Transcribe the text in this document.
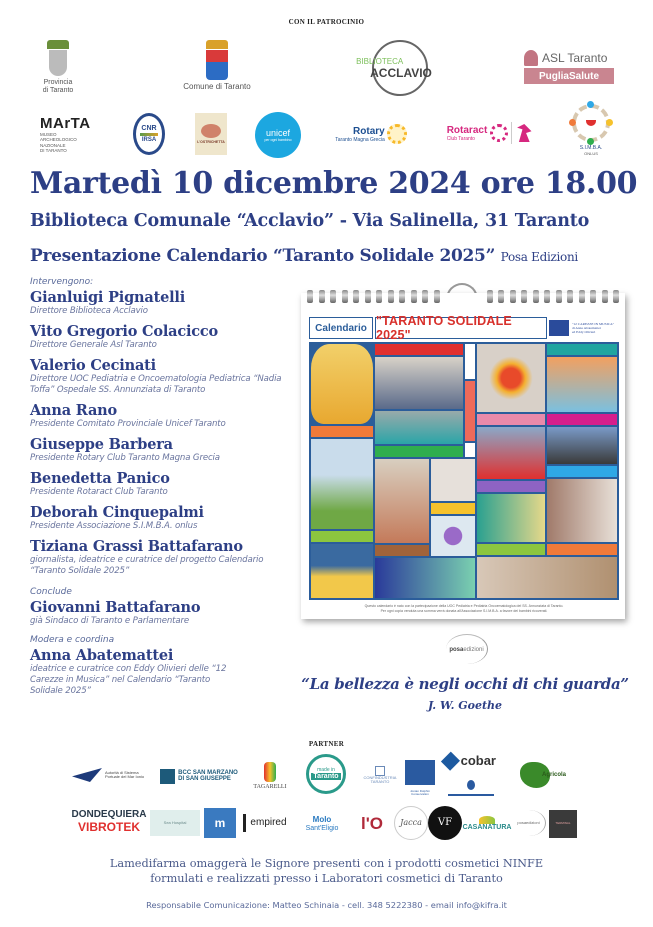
CON IL PATROCINIO
Provincia
di Taranto	Comune di Taranto
BIBLIOTECA
ACCLAVIO
ASL Taranto
PugliaSalute
MArTA
MUSEO
ARCHEOLOGICO
NAZIONALE
DI TARANTO
CNR
IRSA	L'OSTRICHETTA
unicef
per ogni bambino
Rotary
Taranto Magna Grecia
Rotaract
Club Taranto
S.I.M.B.A.
ONLUS
Martedì 10 dicembre 2024 ore 18.00
Biblioteca Comunale “Acclavio” - Via Salinella, 31 Taranto
Presentazione Calendario “Taranto Solidale 2025” Posa Edizioni
Intervengono:
Gianluigi Pignatelli
Direttore Biblioteca Acclavio
Vito Gregorio Colacicco
Direttore Generale Asl Taranto
Valerio Cecinati
Direttore UOC Pediatria e Oncoematologia Pediatrica “Nadia Toffa” Ospedale SS. Annunziata di Taranto
Anna Rano
Presidente Comitato Provinciale Unicef Taranto
Giuseppe Barbera
Presidente Rotary Club Taranto Magna Grecia
Benedetta Panico
Presidente Rotaract Club Taranto
Deborah Cinquepalmi
Presidente Associazione S.I.M.B.A. onlus
Tiziana Grassi Battafarano
giornalista, ideatrice e curatrice del progetto Calendario “Taranto Solidale 2025”
Conclude
Giovanni Battafarano
già Sindaco di Taranto e Parlamentare
Modera e coordina
Anna Abatemattei
ideatrice e curatrice con Eddy Olivieri delle “12 Carezze in Musica” nel Calendario “Taranto Solidale 2025”
Calendario "TARANTO SOLIDALE 2025"
"12 CAREZZE IN MUSICA"
di Anna Abatemattei
ed Eddy Olivieri
Questo calendario è nato con la partecipazione della UOC Pediatria e Pediatria Oncoematologica del SS. Annunziata di Taranto.
Per ogni copia venduta una somma verrà donata all'Associazione S.I.M.B.A. a favore dei bambini ricoverati.
posa edizioni
“La bellezza è negli occhi di chi guarda”
J. W. Goethe
PARTNER
Autorità di Sistema Portuale del Mar Ionio
BCC SAN MARZANO
DI SAN GIUSEPPE
TAGARELLI
made in
Taranto	CONFINDUSTRIA
TARANTO
Jonian Dolphin Conservation
cobar
Agricola
DONDEQUIERA
VIBROTEK	Sea Hospital m	empired	Molo
Sant'Eligio l'O Jacca VF
CASANATURA
posaedizioni	TERMINAL
Lamedifarma omaggerà le Signore presenti con i prodotti cosmetici NINFE
formulati e realizzati presso i Laboratori cosmetici di Taranto
Responsabile Comunicazione: Matteo Schinaia - cell. 348 5222380 - email info@kifra.it
